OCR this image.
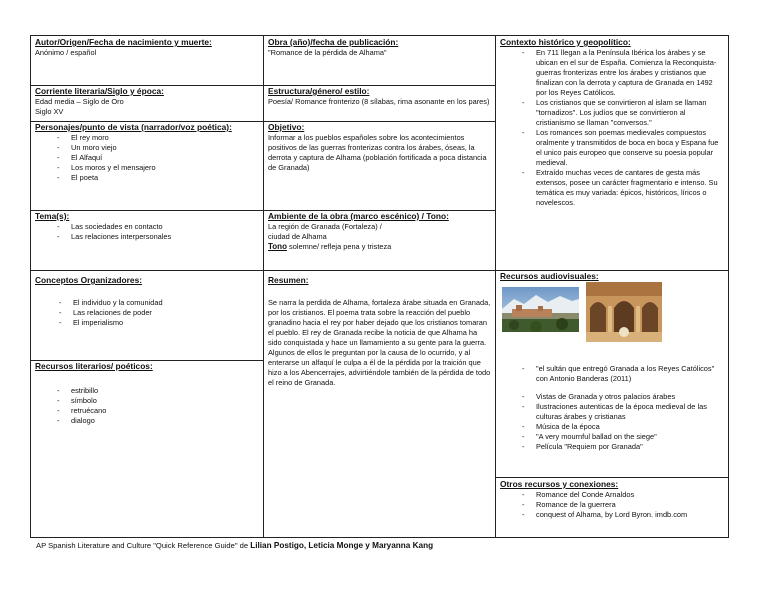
Autor/Origen/Fecha de nacimiento y muerte:
Anónimo / español
Corriente literaria/Siglo y época:
Edad media – Siglo de Oro
Siglo XV
Personajes/punto de vista (narrador/voz poética):
- El rey moro
- Un moro viejo
- El Alfaquí
- Los moros y el mensajero
- El poeta
Tema(s):
- Las sociedades en contacto
- Las relaciones interpersonales
Conceptos Organizadores:
- El individuo y la comunidad
- Las relaciones de poder
- El imperialismo
Recursos literarios/ poéticos:
- estribillo
- símbolo
- retruécano
- dialogo
Obra (año)/fecha de publicación:
"Romance de la pérdida de Alhama"
Estructura/género/ estilo:
Poesía/ Romance fronterizo (8 sílabas, rima asonante en los pares)
Objetivo:
Informar a los pueblos españoles sobre los acontecimientos positivos de las guerras fronterizas contra los árabes, óseas, la derrota y captura de Alhama (población fortificada a poca distancia de Granada)
Ambiente de la obra (marco escénico) / Tono:
La región de Granada (Fortaleza) /
ciudad de Alhama
Tono solemne/ refleja pena y tristeza
Resumen:
Se narra la perdida de Alhama, fortaleza árabe situada en Granada, por los cristianos. El poema trata sobre la reacción del pueblo granadino hacia el rey por haber dejado que los cristianos tomaran el pueblo. El rey de Granada recibe la noticia de que Alhama ha sido conquistada y hace un llamamiento a su gente para la guerra. Algunos de ellos le preguntan por la causa de lo ocurrido, y al enterarse un alfaquí le culpa a él de la pérdida por la traición que hizo a los Abencerrajes, advirtiéndole también de la pérdida de todo el reino de Granada.
Contexto histórico y geopolítico:
- En 711 llegan a la Península Ibérica los árabes y se ubican en el sur de España. Comienza la Reconquista- guerras fronterizas entre los árabes y cristianos que finalizan con la derrota y captura de Granada en 1492 por los Reyes Católicos.
- Los cristianos que se convirtieron al islam se llaman "tornadizos". Los judíos que se convirtieron al cristianismo se llaman "conversos."
- Los romances son poemas medievales compuestos oralmente y transmitidos de boca en boca y Espana fue el unico pais europeo que conserve su poesia popular medieval.
- Extraído muchas veces de cantares de gesta más extensos, posee un carácter fragmentario e intenso. Su temática es muy variada: épicos, históricos, líricos o novelescos.
Recursos audiovisuales:
- "el sultán que entregó Granada a los Reyes Católicos" con Antonio Banderas (2011)
- Vistas de Granada y otros palacios árabes
- Ilustraciones autenticas de la época medieval de las culturas árabes y cristianas
- Música de la época
- "A very mournful ballad on the siege"
- Película "Requiem por Granada"
Otros recursos y conexiones:
- Romance del Conde Arnaldos
- Romance de la guerrera
- conquest of Alhama, by Lord Byron. imdb.com
AP Spanish Literature and Culture "Quick Reference Guide" de Lilian Postigo, Leticia Monge y Maryanna Kang
